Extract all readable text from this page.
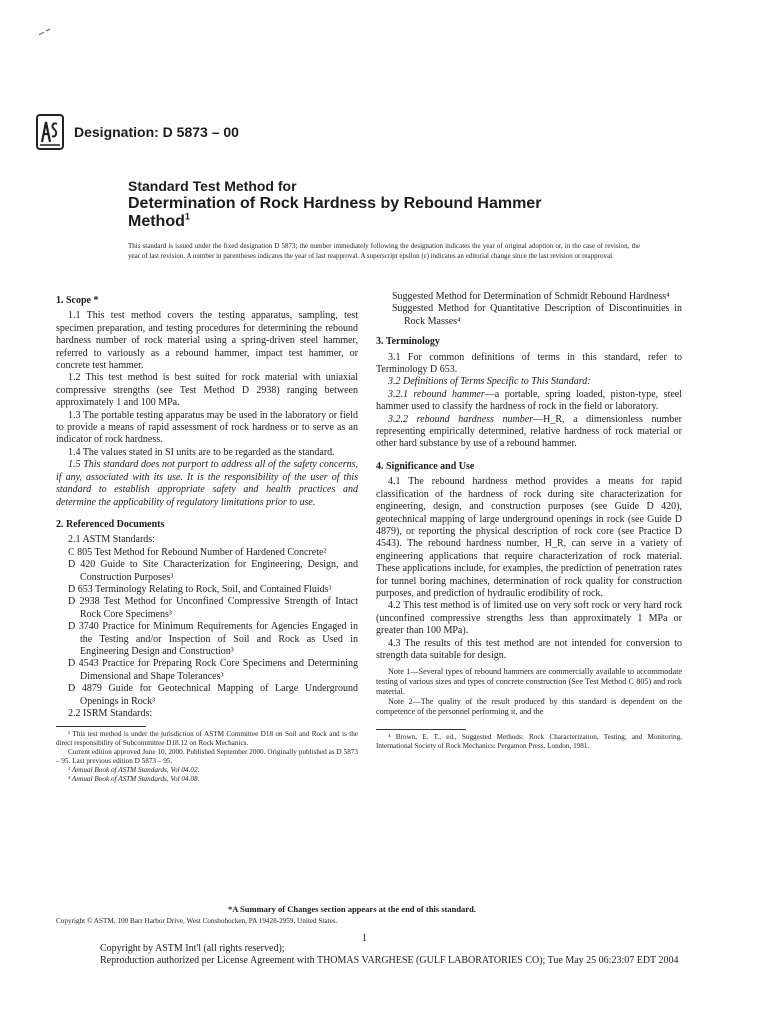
Designation: D 5873 – 00
Standard Test Method for
Determination of Rock Hardness by Rebound Hammer
Method$^1$
This standard is issued under the fixed designation D 5873; the number immediately following the designation indicates the year of original adoption or, in the case of revision, the year of last revision. A number in parentheses indicates the year of last reapproval. A superscript epsilon (ε) indicates an editorial change since the last revision or reapproval.

1. Scope *

1.1 This test method covers the testing apparatus, sampling, test specimen preparation, and testing procedures for determining the rebound hardness number of rock material using a spring-driven steel hammer, referred to variously as a rebound hammer, impact test hammer, or concrete test hammer.

1.2 This test method is best suited for rock material with uniaxial compressive strengths (see Test Method D 2938) ranging between approximately 1 and 100 MPa.

1.3 The portable testing apparatus may be used in the laboratory or field to provide a means of rapid assessment of rock hardness or to serve as an indicator of rock hardness.

1.4 The values stated in SI units are to be regarded as the standard.

1.5 This standard does not purport to address all of the safety concerns, if any, associated with its use. It is the responsibility of the user of this standard to establish appropriate safety and health practices and determine the applicability of regulatory limitations prior to use.

2. Referenced Documents

2.1 ASTM Standards:

C 805 Test Method for Rebound Number of Hardened Concrete²

D 420 Guide to Site Characterization for Engineering, Design, and Construction Purposes³

D 653 Terminology Relating to Rock, Soil, and Contained Fluids³

D 2938 Test Method for Unconfined Compressive Strength of Intact Rock Core Specimens³

D 3740 Practice for Minimum Requirements for Agencies Engaged in the Testing and/or Inspection of Soil and Rock as Used in Engineering Design and Construction³

D 4543 Practice for Preparing Rock Core Specimens and Determining Dimensional and Shape Tolerances³

D 4879 Guide for Geotechnical Mapping of Large Underground Openings in Rock³

2.2 ISRM Standards:

¹ This test method is under the jurisdiction of ASTM Committee D18 on Soil and Rock and is the direct responsibility of Subcommittee D18.12 on Rock Mechanics.

Current edition approved June 10, 2000. Published September 2000. Originally published as D 5873 – 95. Last previous edition D 5873 – 95.

² Annual Book of ASTM Standards, Vol 04.02.

³ Annual Book of ASTM Standards, Vol 04.08.

Suggested Method for Determination of Schmidt Rebound Hardness⁴

Suggested Method for Quantitative Description of Discontinuities in Rock Masses⁴

3. Terminology

3.1 For common definitions of terms in this standard, refer to Terminology D 653.

3.2 Definitions of Terms Specific to This Standard:

3.2.1 rebound hammer—a portable, spring loaded, piston-type, steel hammer used to classify the hardness of rock in the field or laboratory.

3.2.2 rebound hardness number—H_R, a dimensionless number representing empirically determined, relative hardness of rock material or other hard substance by use of a rebound hammer.

4. Significance and Use

4.1 The rebound hardness method provides a means for rapid classification of the hardness of rock during site characterization for engineering, design, and construction purposes (see Guide D 420), geotechnical mapping of large underground openings in rock (see Guide D 4879), or reporting the physical description of rock core (see Practice D 4543). The rebound hardness number, H_R, can serve in a variety of engineering applications that require characterization of rock material. These applications include, for examples, the prediction of penetration rates for tunnel boring machines, determination of rock quality for construction purposes, and prediction of hydraulic erodibility of rock.

4.2 This test method is of limited use on very soft rock or very hard rock (unconfined compressive strengths less than approximately 1 MPa or greater than 100 MPa).

4.3 The results of this test method are not intended for conversion to strength data suitable for design.

Note 1—Several types of rebound hammers are commercially available to accommodate testing of various sizes and types of concrete construction (See Test Method C 805) and rock material.

Note 2—The quality of the result produced by this standard is dependent on the competence of the personnel performing it, and the

⁴ Brown, E. T., ed., Suggested Methods: Rock Characterization, Testing, and Monitoring, International Society of Rock Mechanics: Pergamon Press, London, 1981.

*A Summary of Changes section appears at the end of this standard.
Copyright © ASTM, 100 Barr Harbor Drive, West Conshohocken, PA 19428-2959, United States.
1
Copyright by ASTM Int'l (all rights reserved);
Reproduction authorized per License Agreement with THOMAS VARGHESE (GULF LABORATORIES CO); Tue May 25 06:23:07 EDT 2004
